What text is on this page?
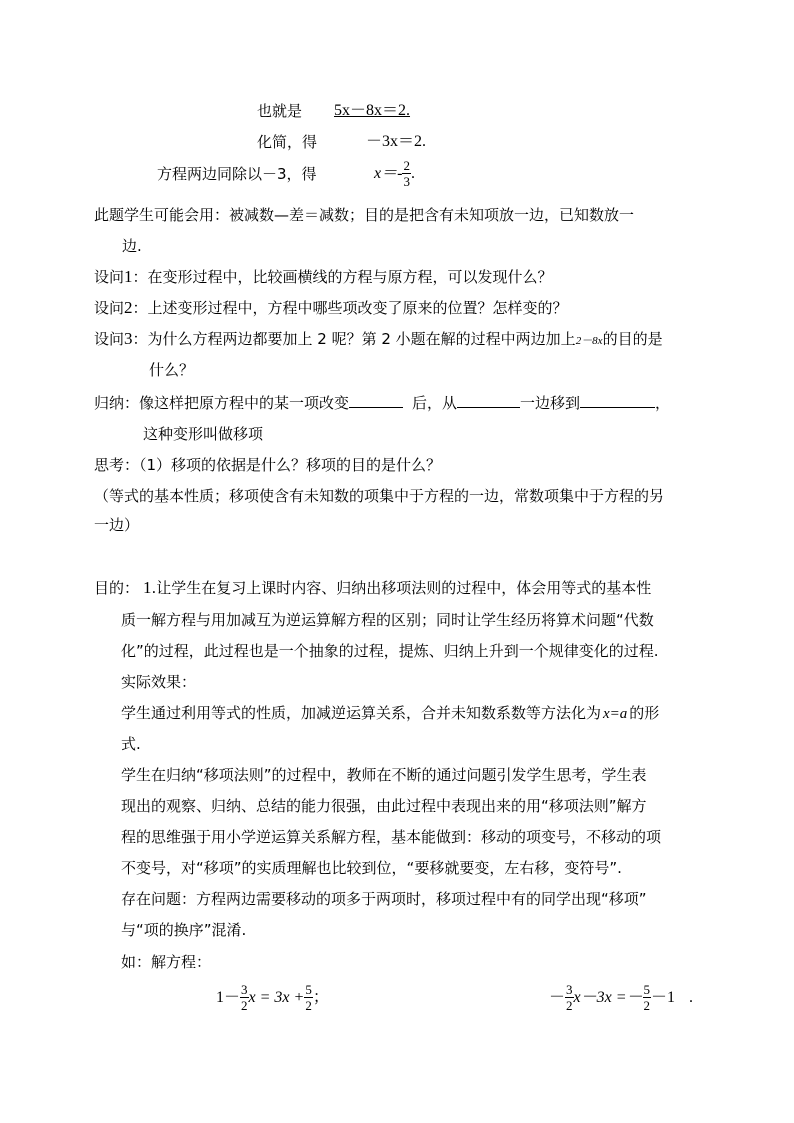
也就是 5x－8x＝2.
化简，得	－3x＝2.
方程两边同除以－3，得	$x=- \frac{2}{3}$ .
此题学生可能会用：被减数—差＝减数；目的是把含有未知项放一边，已知数放一
边.
设问1：在变形过程中，比较画横线的方程与原方程，可以发现什么？
设问2：上述变形过程中，方程中哪些项改变了原来的位置？怎样变的？
设问3：为什么方程两边都要加上 2 呢？第 2 小题在解的过程中两边加上2－8x的目的是
什么？
归纳：像这样把原方程中的某一项改变	后，从	一边移到	，
这种变形叫做移项
思考：（1）移项的依据是什么？移项的目的是什么？
（等式的基本性质；移项使含有未知数的项集中于方程的一边，常数项集中于方程的另
一边）
目的： 1.让学生在复习上课时内容、归纳出移项法则的过程中，体会用等式的基本性
质一解方程与用加减互为逆运算解方程的区别；同时让学生经历将算术问题“代数
化”的过程，此过程也是一个抽象的过程，提炼、归纳上升到一个规律变化的过程.
实际效果：
学生通过利用等式的性质，加减逆运算关系，合并未知数系数等方法化为 x=a 的形
式.
学生在归纳“移项法则”的过程中，教师在不断的通过问题引发学生思考，学生表
现出的观察、归纳、总结的能力很强，由此过程中表现出来的用“移项法则”解方
程的思维强于用小学逆运算关系解方程，基本能做到：移动的项变号，不移动的项
不变号，对“移项”的实质理解也比较到位，“要移就要变，左右移，变符号”.
存在问题：方程两边需要移动的项多于两项时，移项过程中有的同学出现“移项”
与“项的换序”混淆.
如：解方程：
$1- \frac{3}{2}$ $x = 3x + \frac{5}{2}$ ；	－ $\frac{3}{2} x-3x =- \frac{5}{2} -1$ .
